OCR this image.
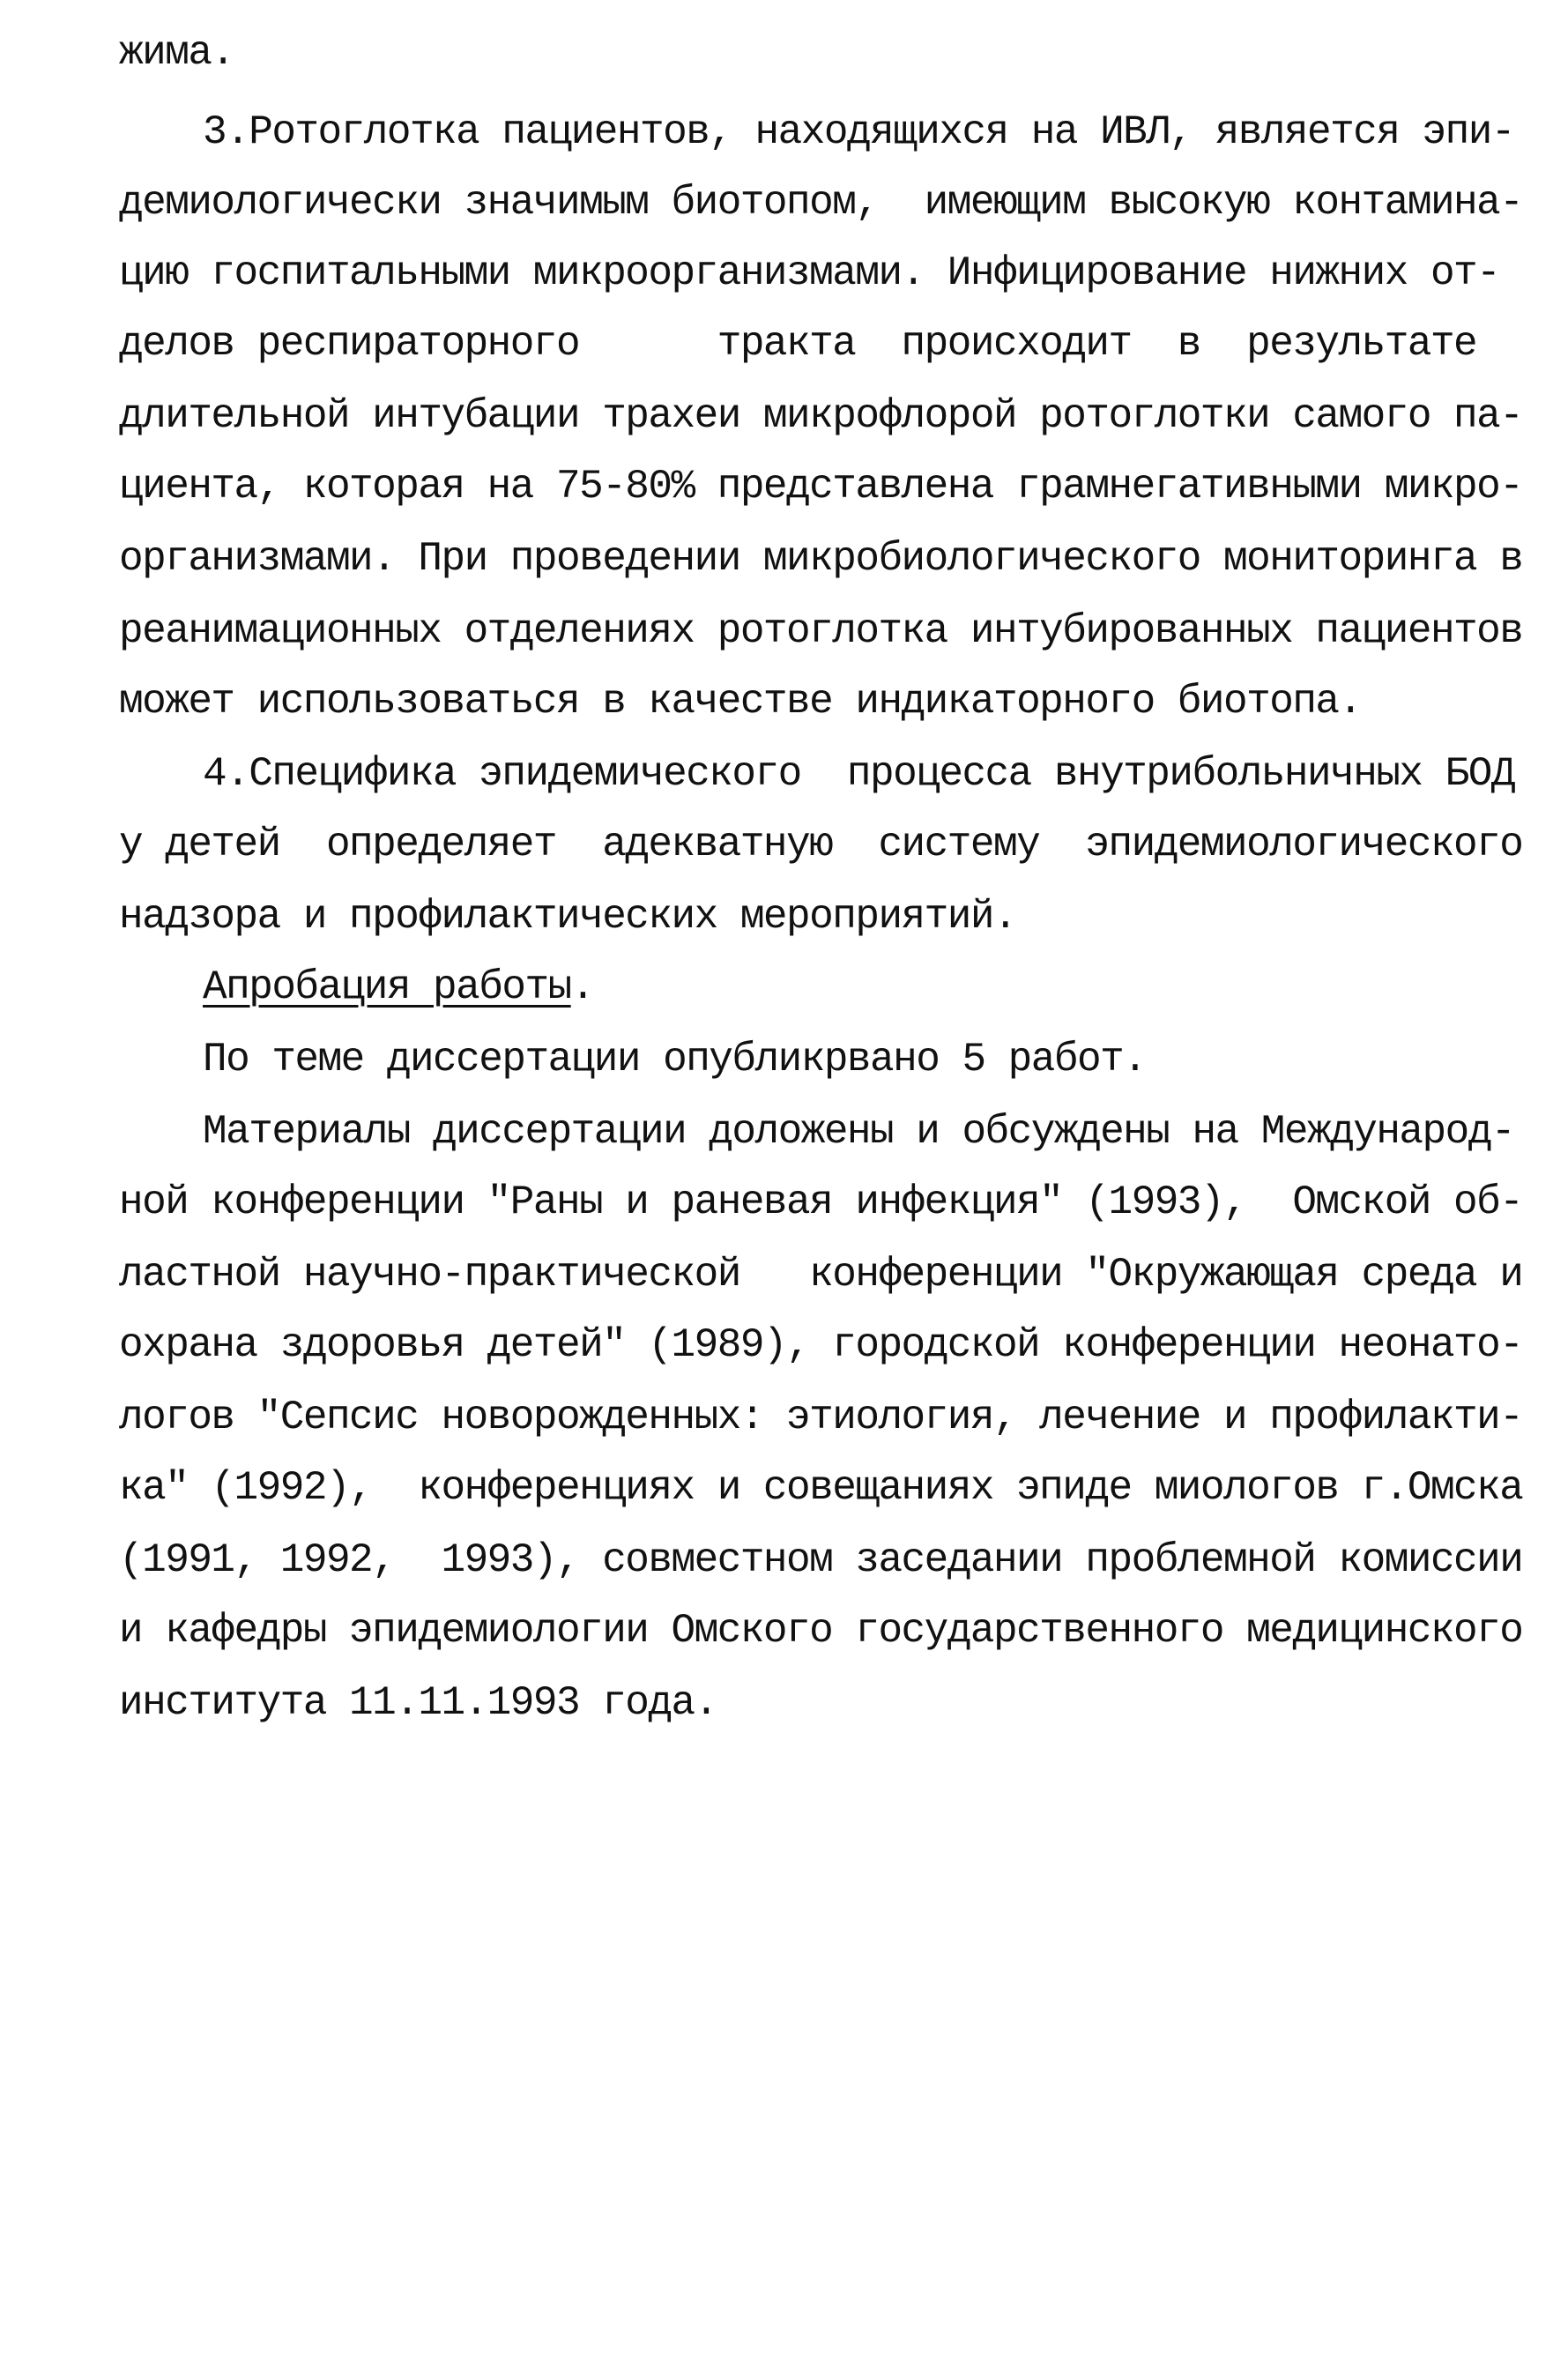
жима.
3.Ротоглотка пациентов, находящихся на ИВЛ, является эпи-
демиологически значимым биотопом,  имеющим высокую контамина-
цию госпитальными микроорганизмами. Инфицирование нижних от-
делов респираторного      тракта  происходит  в  результате
длительной интубации трахеи микрофлорой ротоглотки самого па-
циента, которая на 75-80% представлена грамнегативными микро-
организмами. При проведении микробиологического мониторинга в
реанимационных отделениях ротоглотка интубированных пациентов
может использоваться в качестве индикаторного биотопа.
4.Специфика эпидемического  процесса внутрибольничных БОД
у детей  определяет  адекватную  систему  эпидемиологического
надзора и профилактических мероприятий.
Апробация работы.
По теме диссертации опубликрвано 5 работ.
Материалы диссертации доложены и обсуждены на Международ-
ной конференции "Раны и раневая инфекция" (1993),  Омской об-
ластной научно-практической   конференции "Окружающая среда и
охрана здоровья детей" (1989), городской конференции неонато-
логов "Сепсис новорожденных: этиология, лечение и профилакти-
ка" (1992),  конференциях и совещаниях эпиде миологов г.Омска
(1991, 1992,  1993), совместном заседании проблемной комиссии
и кафедры эпидемиологии Омского государственного медицинского
института 11.11.1993 года.
